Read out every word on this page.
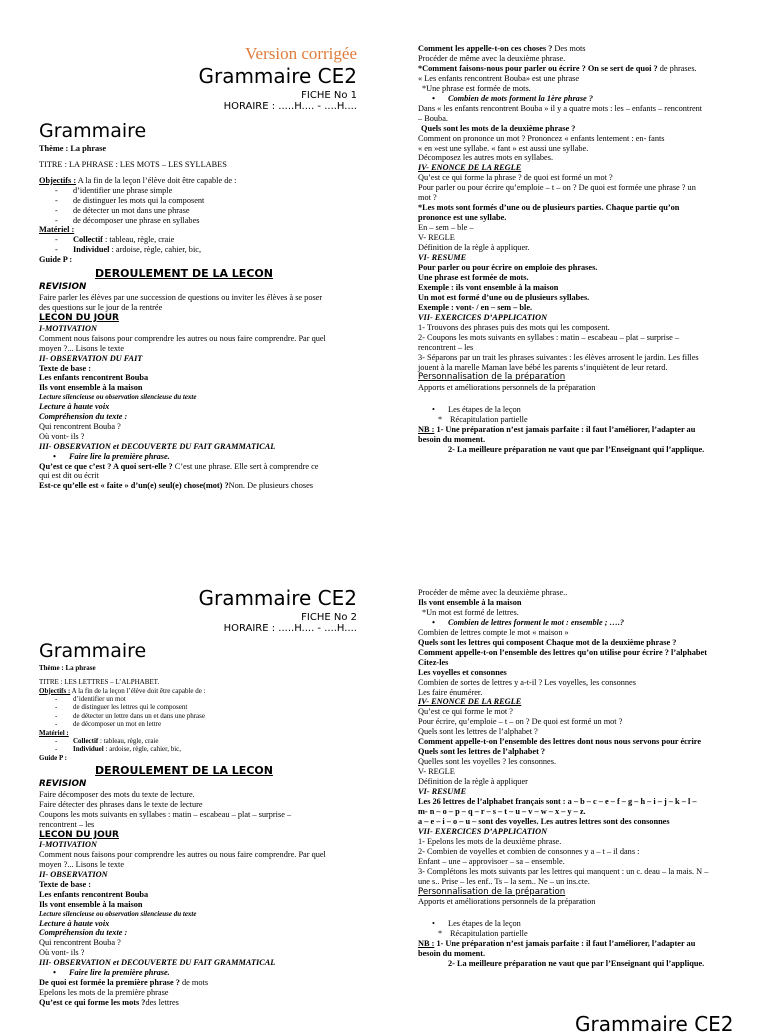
Version corrigée
Grammaire CE2
FICHE No 1
HORAIRE : .....H.... - ....H....
Grammaire
Thème : La phrase
TITRE : LA PHRASE : LES MOTS – LES SYLLABES
Objectifs : A la fin de la leçon l’élève doit être capable de :
- d’identifier une phrase simple
- de distinguer les mots qui la composent
- de détecter un mot dans une phrase
- de décomposer une phrase en syllabes
Matériel :
- Collectif : tableau, règle, craie
- Individuel : ardoise, règle, cahier, bic,
Guide P :
DEROULEMENT DE LA LECON
REVISION
Faire parler les élèves par une succession de questions ou inviter les élèves à se poser
des questions sur le jour de la rentrée
LECON DU JOUR
I-MOTIVATION
Comment nous faisons pour comprendre les autres ou nous faire comprendre. Par quel
moyen ?... Lisons le texte
II- OBSERVATION DU FAIT
Texte de base :
Les enfants rencontrent Bouba
Ils vont ensemble à la maison
Lecture silencieuse ou observation silencieuse du texte
Lecture à haute voix
Compréhension du texte :
Qui rencontrent Bouba ?
Où vont- ils ?
III- OBSERVATION et DECOUVERTE DU FAIT GRAMMATICAL
• Faire lire la première phrase.
Qu’est ce que c’est ? A quoi sert-elle ? C’est une phrase. Elle sert à comprendre ce
qui est dit ou écrit
Est-ce qu’elle est « faite » d’un(e) seul(e) chose(mot) ?Non. De plusieurs choses
Comment les appelle-t-on ces choses ? Des mots
Procéder de même avec la deuxième phrase.
*Comment faisons-nous pour parler ou écrire ? On se sert de quoi ? de phrases.
« Les enfants rencontrent Bouba» est une phrase
*Une phrase est formée de mots.
• Combien de mots forment la 1ère phrase ?
Dans « les enfants rencontrent Bouba » il y a quatre mots : les – enfants – rencontrent
– Bouba.
Quels sont les mots de la deuxième phrase ?
Comment on prononce un mot ? Prononcez « enfants lentement : en- fants
« en »est une syllabe. « fant » est aussi une syllabe.
Décomposez les autres mots en syllabes.
IV- ENONCE DE LA REGLE
Qu’est ce qui forme la phrase ? de quoi est formé un mot ?
Pour parler ou pour écrire qu’emploie – t – on ? De quoi est formée une phrase ? un
mot ?
*Les mots sont formés d’une ou de plusieurs parties. Chaque partie qu’on
prononce est une syllabe.
En – sem – ble –
V- REGLE
Définition de la règle à appliquer.
VI- RESUME
Pour parler ou pour écrire on emploie des phrases.
Une phrase est formée de mots.
Exemple : ils vont ensemble à la maison
Un mot est formé d’une ou de plusieurs syllabes.
Exemple : vont- / en – sem – ble.
VII- EXERCICES D’APPLICATION
1- Trouvons des phrases puis des mots qui les composent.
2- Coupons les mots suivants en syllabes : matin – escabeau – plat – surprise –
rencontrent – les
3- Séparons par un trait les phrases suivantes : les élèves arrosent le jardin. Les filles
jouent à la marelle Maman lave bébé les parents s’inquiètent de leur retard.
Personnalisation de la préparation
Apports et améliorations personnels de la préparation
• Les étapes de la leçon
* Récapitulation partielle
NB : 1- Une préparation n’est jamais parfaite : il faut l’améliorer, l’adapter au
besoin du moment.
2- La meilleure préparation ne vaut que par l’Enseignant qui l’applique.
Grammaire CE2
FICHE No 2
HORAIRE : .....H.... - ....H....
Grammaire
Thème : La phrase
TITRE : LES LETTRES – L’ALPHABET.
Objectifs : A la fin de la leçon l’élève doit être capable de :
- d’identifier un mot
- de distinguer les lettres qui le composent
- de détecter un lettre dans un et dans une phrase
- de décomposer un mot en lettre
Matériel :
- Collectif : tableau, règle, craie
- Individuel : ardoise, règle, cahier, bic,
Guide P :
DEROULEMENT DE LA LECON
REVISION
Faire décomposer des mots du texte de lecture.
Faire détecter des phrases dans le texte de lecture
Coupons les mots suivants en syllabes : matin – escabeau – plat – surprise –
rencontrent – les
LECON DU JOUR
I-MOTIVATION
Comment nous faisons pour comprendre les autres ou nous faire comprendre. Par quel
moyen ?... Lisons le texte
II- OBSERVATION
Texte de base :
Les enfants rencontrent Bouba
Ils vont ensemble à la maison
Lecture silencieuse ou observation silencieuse du texte
Lecture à haute voix
Compréhension du texte :
Qui rencontrent Bouba ?
Où vont- ils ?
III- OBSERVATION et DECOUVERTE DU FAIT GRAMMATICAL
• Faire lire la première phrase.
De quoi est formée la première phrase ? de mots
Epelons les mots de la première phrase
Qu’est ce qui forme les mots ?des lettres
Procéder de même avec la deuxième phrase..
Ils vont ensemble à la maison
*Un mot est formé de lettres.
• Combien de lettres forment le mot : ensemble ; ….?
Combien de lettres compte le mot « maison »
Quels sont les lettres qui composent Chaque mot de la deuxième phrase ?
Comment appelle-t-on l’ensemble des lettres qu’on utilise pour écrire ? l’alphabet
Citez-les
Les voyelles et consonnes
Combien de sortes de lettres y a-t-il ? Les voyelles, les consonnes
Les faire énumérer.
IV- ENONCE DE LA REGLE
Qu’est ce qui forme le mot ?
Pour écrire, qu’emploie – t – on ? De quoi est formé un mot ?
Quels sont les lettres de l’alphabet ?
Comment appelle-t-on l’ensemble des lettres dont nous nous servons pour écrire
Quels sont les lettres de l’alphabet ?
Quelles sont les voyelles ? les consonnes.
V- REGLE
Définition de la règle à appliquer
VI- RESUME
Les 26 lettres de l’alphabet français sont : a – b – c – e – f – g – h – i – j – k – l –
m- n – o – p – q – r – s – t – u – v – w – x – y – z.
a – e – i – o – u – sont des voyelles. Les autres lettres sont des consonnes
VII- EXERCICES D’APPLICATION
1- Epelons les mots de la deuxième phrase.
2- Combien de voyelles et combien de consonnes y a – t – il dans :
Enfant – une – approvisoer – sa – ensemble.
3- Complétons les mots suivants par les lettres qui manquent : un c. deau – la mais. N –
une s.. Prise – les enf.. Ts – la sem.. Ne – un ins.cte.
Personnalisation de la préparation
Apports et améliorations personnels de la préparation
• Les étapes de la leçon
* Récapitulation partielle
NB : 1- Une préparation n’est jamais parfaite : il faut l’améliorer, l’adapter au
besoin du moment.
2- La meilleure préparation ne vaut que par l’Enseignant qui l’applique.
Grammaire CE2
